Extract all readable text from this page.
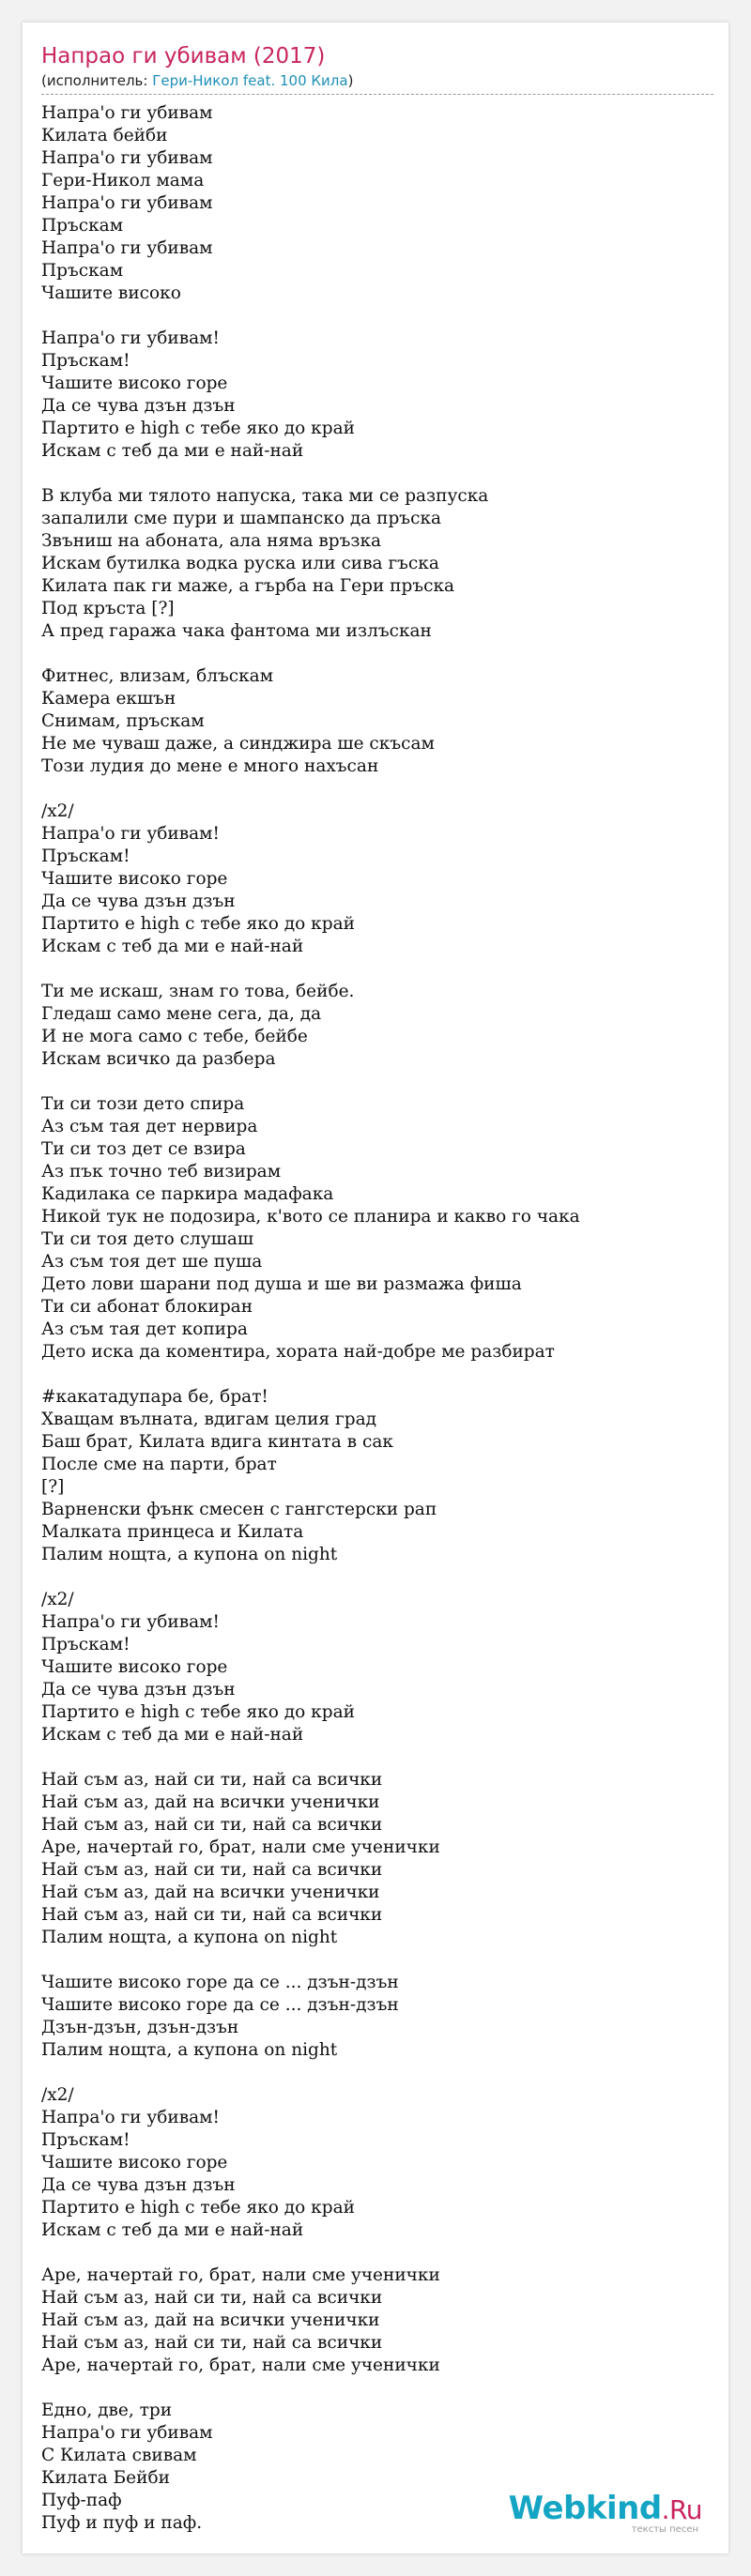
Напрао ги убивам (2017)
(исполнитель: Гери-Никол feat. 100 Кила)
Напра'о ги убивам
Килата бейби
Напра'о ги убивам
Гери-Никол мама
Напра'о ги убивам
Пръскам
Напра'о ги убивам
Пръскам
Чашите високо
Напра'о ги убивам!
Пръскам!
Чашите високо горе
Да се чува дзън дзън
Партито е high с тебе яко до край
Искам с теб да ми е най-най
В клуба ми тялото напуска, така ми се разпуска
запалили сме пури и шампанско да пръска
Звъниш на абоната, ала няма връзка
Искам бутилка водка руска или сива гъска
Килата пак ги маже, а гърба на Гери пръска
Под кръста [?]
А пред гаража чака фантома ми излъскан
Фитнес, влизам, блъскам
Камера екшън
Снимам, пръскам
Не ме чуваш даже, а синджира ше скъсам
Този лудия до мене е много нахъсан
/x2/
Напра'о ги убивам!
Пръскам!
Чашите високо горе
Да се чува дзън дзън
Партито е high с тебе яко до край
Искам с теб да ми е най-най
Ти ме искаш, знам го това, бейбе.
Гледаш само мене сега, да, да
И не мога само с тебе, бейбе
Искам всичко да разбера
Ти си този дето спира
Аз съм тая дет нервира
Ти си тоз дет се взира
Аз пък точно теб визирам
Кадилака се паркира мадафака
Никой тук не подозира, к'вото се планира и какво го чака
Ти си тоя дето слушаш
Аз съм тоя дет ше пуша
Дето лови шарани под душа и ше ви размажа фиша
Ти си абонат блокиран
Аз съм тая дет копира
Дето иска да коментира, хората най-добре ме разбират
#какатадупара бе, брат!
Хващам вълната, вдигам целия град
Баш брат, Килата вдига кинтата в сак
После сме на парти, брат
[?]
Варненски фънк смесен с гангстерски рап
Малката принцеса и Килата
Палим нощта, а купона on night
/x2/
Напра'о ги убивам!
Пръскам!
Чашите високо горе
Да се чува дзън дзън
Партито е high с тебе яко до край
Искам с теб да ми е най-най
Най съм аз, най си ти, най са всички
Най съм аз, дай на всички ученички
Най съм аз, най си ти, най са всички
Аре, начертай го, брат, нали сме ученички
Най съм аз, най си ти, най са всички
Най съм аз, дай на всички ученички
Най съм аз, най си ти, най са всички
Палим нощта, а купона on night
Чашите високо горе да се ... дзън-дзън
Чашите високо горе да се ... дзън-дзън
Дзън-дзън, дзън-дзън
Палим нощта, а купона on night
/x2/
Напра'о ги убивам!
Пръскам!
Чашите високо горе
Да се чува дзън дзън
Партито е high с тебе яко до край
Искам с теб да ми е най-най
Аре, начертай го, брат, нали сме ученички
Най съм аз, най си ти, най са всички
Най съм аз, дай на всички ученички
Най съм аз, най си ти, най са всички
Аре, начертай го, брат, нали сме ученички
Едно, две, три
Напра'о ги убивам
С Килата свивам
Килата Бейби
Пуф-паф
Пуф и пуф и паф.	Webkind.Ru
тексты песен
